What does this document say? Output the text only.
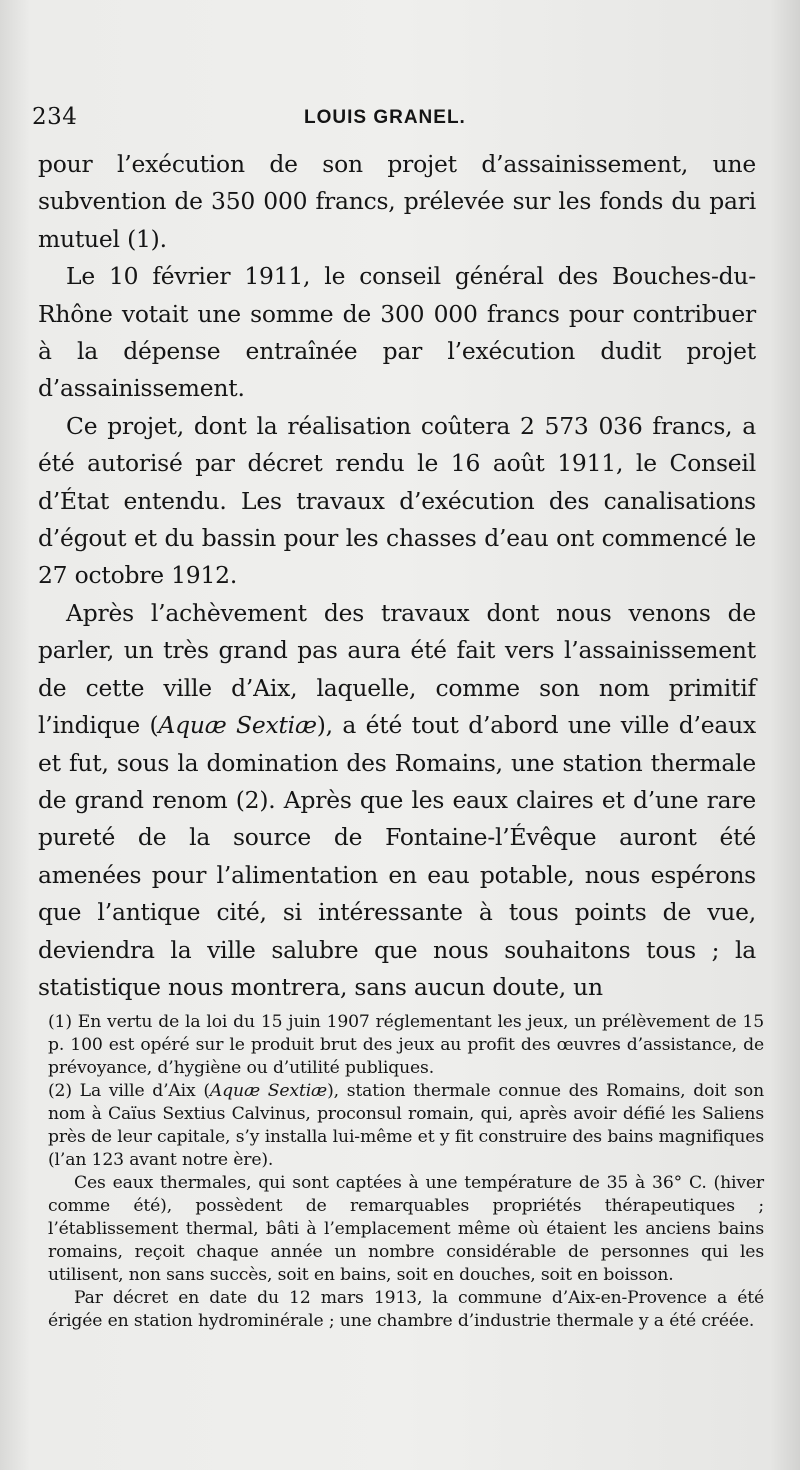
234	LOUIS GRANEL.

pour l’exécution de son projet d’assainissement, une subvention de 350 000 francs, prélevée sur les fonds du pari mutuel (1).

Le 10 février 1911, le conseil général des Bouches-du-Rhône votait une somme de 300 000 francs pour contribuer à la dépense entraînée par l’exécution dudit projet d’assainissement.

Ce projet, dont la réalisation coûtera 2 573 036 francs, a été autorisé par décret rendu le 16 août 1911, le Conseil d’État entendu. Les travaux d’exécution des canalisations d’égout et du bassin pour les chasses d’eau ont commencé le 27 octobre 1912.

Après l’achèvement des travaux dont nous venons de parler, un très grand pas aura été fait vers l’assainissement de cette ville d’Aix, laquelle, comme son nom primitif l’indique (Aquæ Sextiæ), a été tout d’abord une ville d’eaux et fut, sous la domination des Romains, une station thermale de grand renom (2). Après que les eaux claires et d’une rare pureté de la source de Fontaine-l’Évêque auront été amenées pour l’alimentation en eau potable, nous espérons que l’antique cité, si intéressante à tous points de vue, deviendra la ville salubre que nous souhaitons tous ; la statistique nous montrera, sans aucun doute, un

(1) En vertu de la loi du 15 juin 1907 réglementant les jeux, un prélèvement de 15 p. 100 est opéré sur le produit brut des jeux au profit des œuvres d’assistance, de prévoyance, d’hygiène ou d’utilité publiques.

(2) La ville d’Aix (Aquæ Sextiæ), station thermale connue des Romains, doit son nom à Caïus Sextius Calvinus, proconsul romain, qui, après avoir défié les Saliens près de leur capitale, s’y installa lui-même et y fit construire des bains magnifiques (l’an 123 avant notre ère).

Ces eaux thermales, qui sont captées à une température de 35 à 36° C. (hiver comme été), possèdent de remarquables propriétés thérapeutiques ; l’établissement thermal, bâti à l’emplacement même où étaient les anciens bains romains, reçoit chaque année un nombre considérable de personnes qui les utilisent, non sans succès, soit en bains, soit en douches, soit en boisson.

Par décret en date du 12 mars 1913, la commune d’Aix-en-Provence a été érigée en station hydrominérale ; une chambre d’industrie thermale y a été créée.
